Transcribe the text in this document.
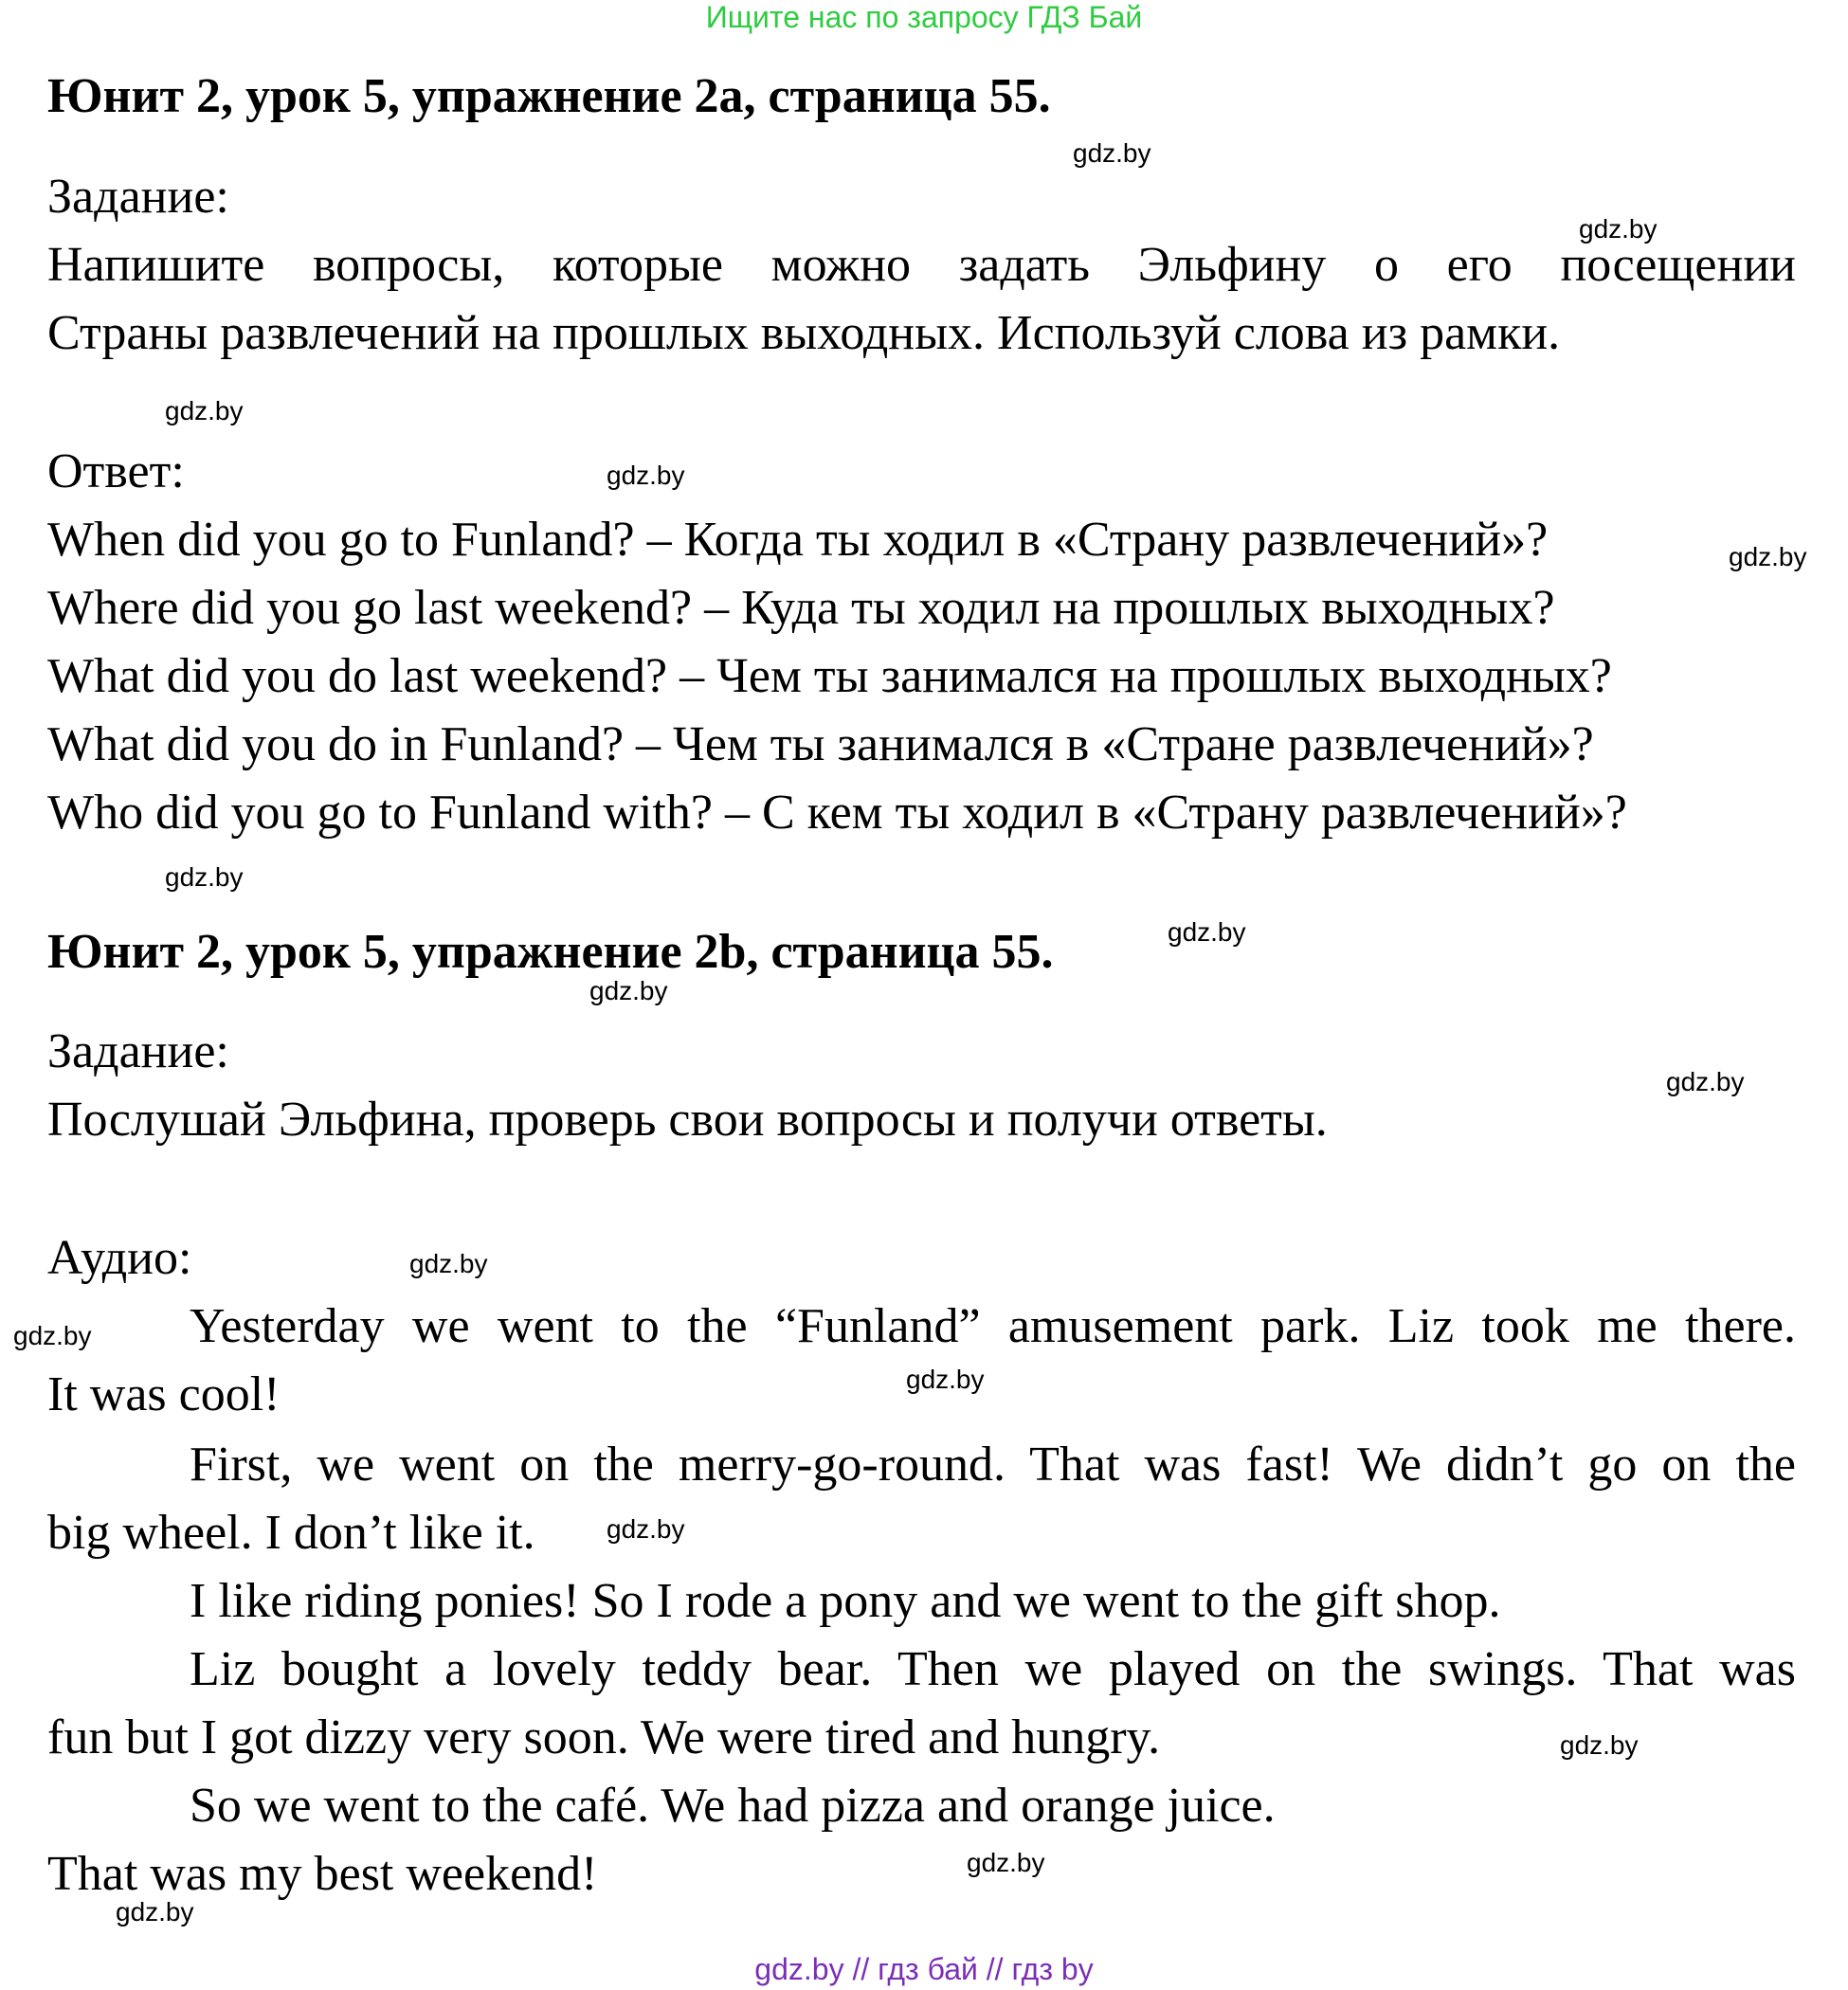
Ищите нас по запросу ГДЗ Бай
Юнит 2, урок 5, упражнение 2a, страница 55.
Задание:
Напишите вопросы, которые можно задать Эльфину о его посещении
Страны развлечений на прошлых выходных. Используй слова из рамки.
Ответ:
When did you go to Funland? – Когда ты ходил в «Страну развлечений»?
Where did you go last weekend? – Куда ты ходил на прошлых выходных?
What did you do last weekend? – Чем ты занимался на прошлых выходных?
What did you do in Funland? – Чем ты занимался в «Стране развлечений»?
Who did you go to Funland with? – С кем ты ходил в «Страну развлечений»?
Юнит 2, урок 5, упражнение 2b, страница 55.
Задание:
Послушай Эльфина, проверь свои вопросы и получи ответы.
Аудио:
Yesterday we went to the “Funland” amusement park. Liz took me there.
It was cool!
First, we went on the merry-go-round. That was fast! We didn’t go on the
big wheel. I don’t like it.
I like riding ponies! So I rode a pony and we went to the gift shop.
Liz bought a lovely teddy bear. Then we played on the swings. That was
fun but I got dizzy very soon. We were tired and hungry.
So we went to the café. We had pizza and orange juice.
That was my best weekend!
gdz.by
gdz.by
gdz.by
gdz.by
gdz.by
gdz.by
gdz.by
gdz.by
gdz.by
gdz.by
gdz.by
gdz.by
gdz.by
gdz.by
gdz.by
gdz.by
gdz.by // гдз бай // гдз by
